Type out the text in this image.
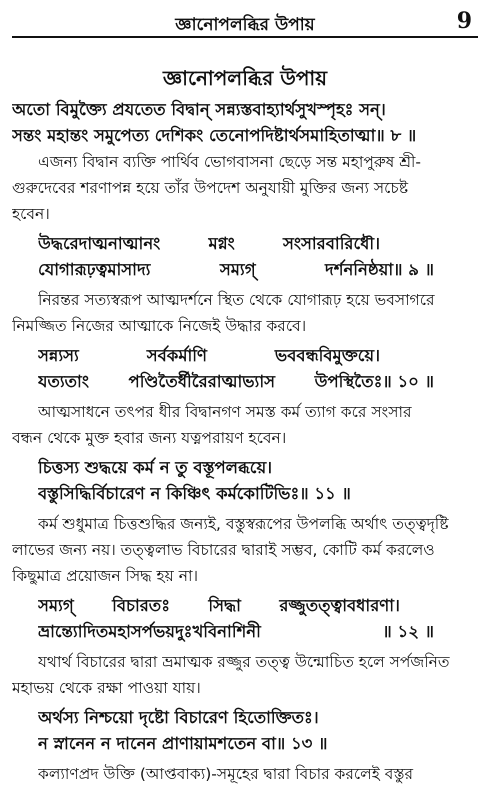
জ্ঞানোপলব্ধির উপায়	9
জ্ঞানোপলব্ধির উপায়
অতো বিমুক্ত্যৈ প্রযতেত বিদ্বান্ সন্ন্যস্তবাহ্যার্থসুখস্পৃহঃ সন্।
সন্তং মহান্তং সমুপেত্য দেশিকং তেনোপদিষ্টার্থসমাহিতাত্মা॥ ৮ ॥
এজন্য বিদ্বান ব্যক্তি পার্থিব ভোগবাসনা ছেড়ে সন্ত মহাপুরুষ শ্রী-
গুরুদেবের শরণাপন্ন হয়ে তাঁর উপদেশ অনুযায়ী মুক্তির জন্য সচেষ্ট
হবেন।
উদ্ধরেদাত্মনাত্মানং	মগ্নং	সংসারবারিধৌ।
যোগারূঢ়ত্বমাসাদ্য	সম্যগ্	দর্শননিষ্ঠয়া॥ ৯ ॥
নিরন্তর সত্যস্বরূপ আত্মদর্শনে স্থিত থেকে যোগারূঢ় হয়ে ভবসাগরে
নিমজ্জিত নিজের আত্মাকে নিজেই উদ্ধার করবে।
সন্ন্যস্য	সর্বকর্মাণি	ভববন্ধবিমুক্তয়ে।
যত্যতাং পণ্ডিতৈর্ধীরৈরাত্মাভ্যাস উপস্থিতৈঃ॥ ১০ ॥
আত্মসাধনে তৎপর ধীর বিদ্বানগণ সমস্ত কর্ম ত্যাগ করে সংসার
বন্ধন থেকে মুক্ত হবার জন্য যত্নপরায়ণ হবেন।
চিত্তস্য শুদ্ধয়ে কর্ম ন তু বস্তূপলব্ধয়ে।
বস্তুসিদ্ধির্বিচারেণ ন কিঞ্চিৎ কর্মকোটিভিঃ॥ ১১ ॥
কর্ম শুধুমাত্র চিত্তশুদ্ধির জন্যই, বস্তুস্বরূপের উপলব্ধি অর্থাৎ তত্ত্বদৃষ্টি
লাভের জন্য নয়। তত্ত্বলাভ বিচারের দ্বারাই সম্ভব, কোটি কর্ম করলেও
কিছুমাত্র প্রয়োজন সিদ্ধ হয় না।
সম্যগ্ বিচারতঃ সিদ্ধা রজ্জুতত্ত্বাবধারণা।
ভ্রান্ত্যোদিতমহাসর্পভয়দুঃখবিনাশিনী	॥ ১২ ॥
যথার্থ বিচারের দ্বারা ভ্রমাত্মক রজ্জুর তত্ত্ব উন্মোচিত হলে সর্পজনিত
মহাভয় থেকে রক্ষা পাওয়া যায়।
অর্থস্য নিশ্চয়ো দৃষ্টো বিচারেণ হিতোক্তিতঃ।
ন স্নানেন ন দানেন প্রাণায়ামশতেন বা॥ ১৩ ॥
কল্যাণপ্রদ উক্তি (আপ্তবাক্য)-সমূহের দ্বারা বিচার করলেই বস্তুর
